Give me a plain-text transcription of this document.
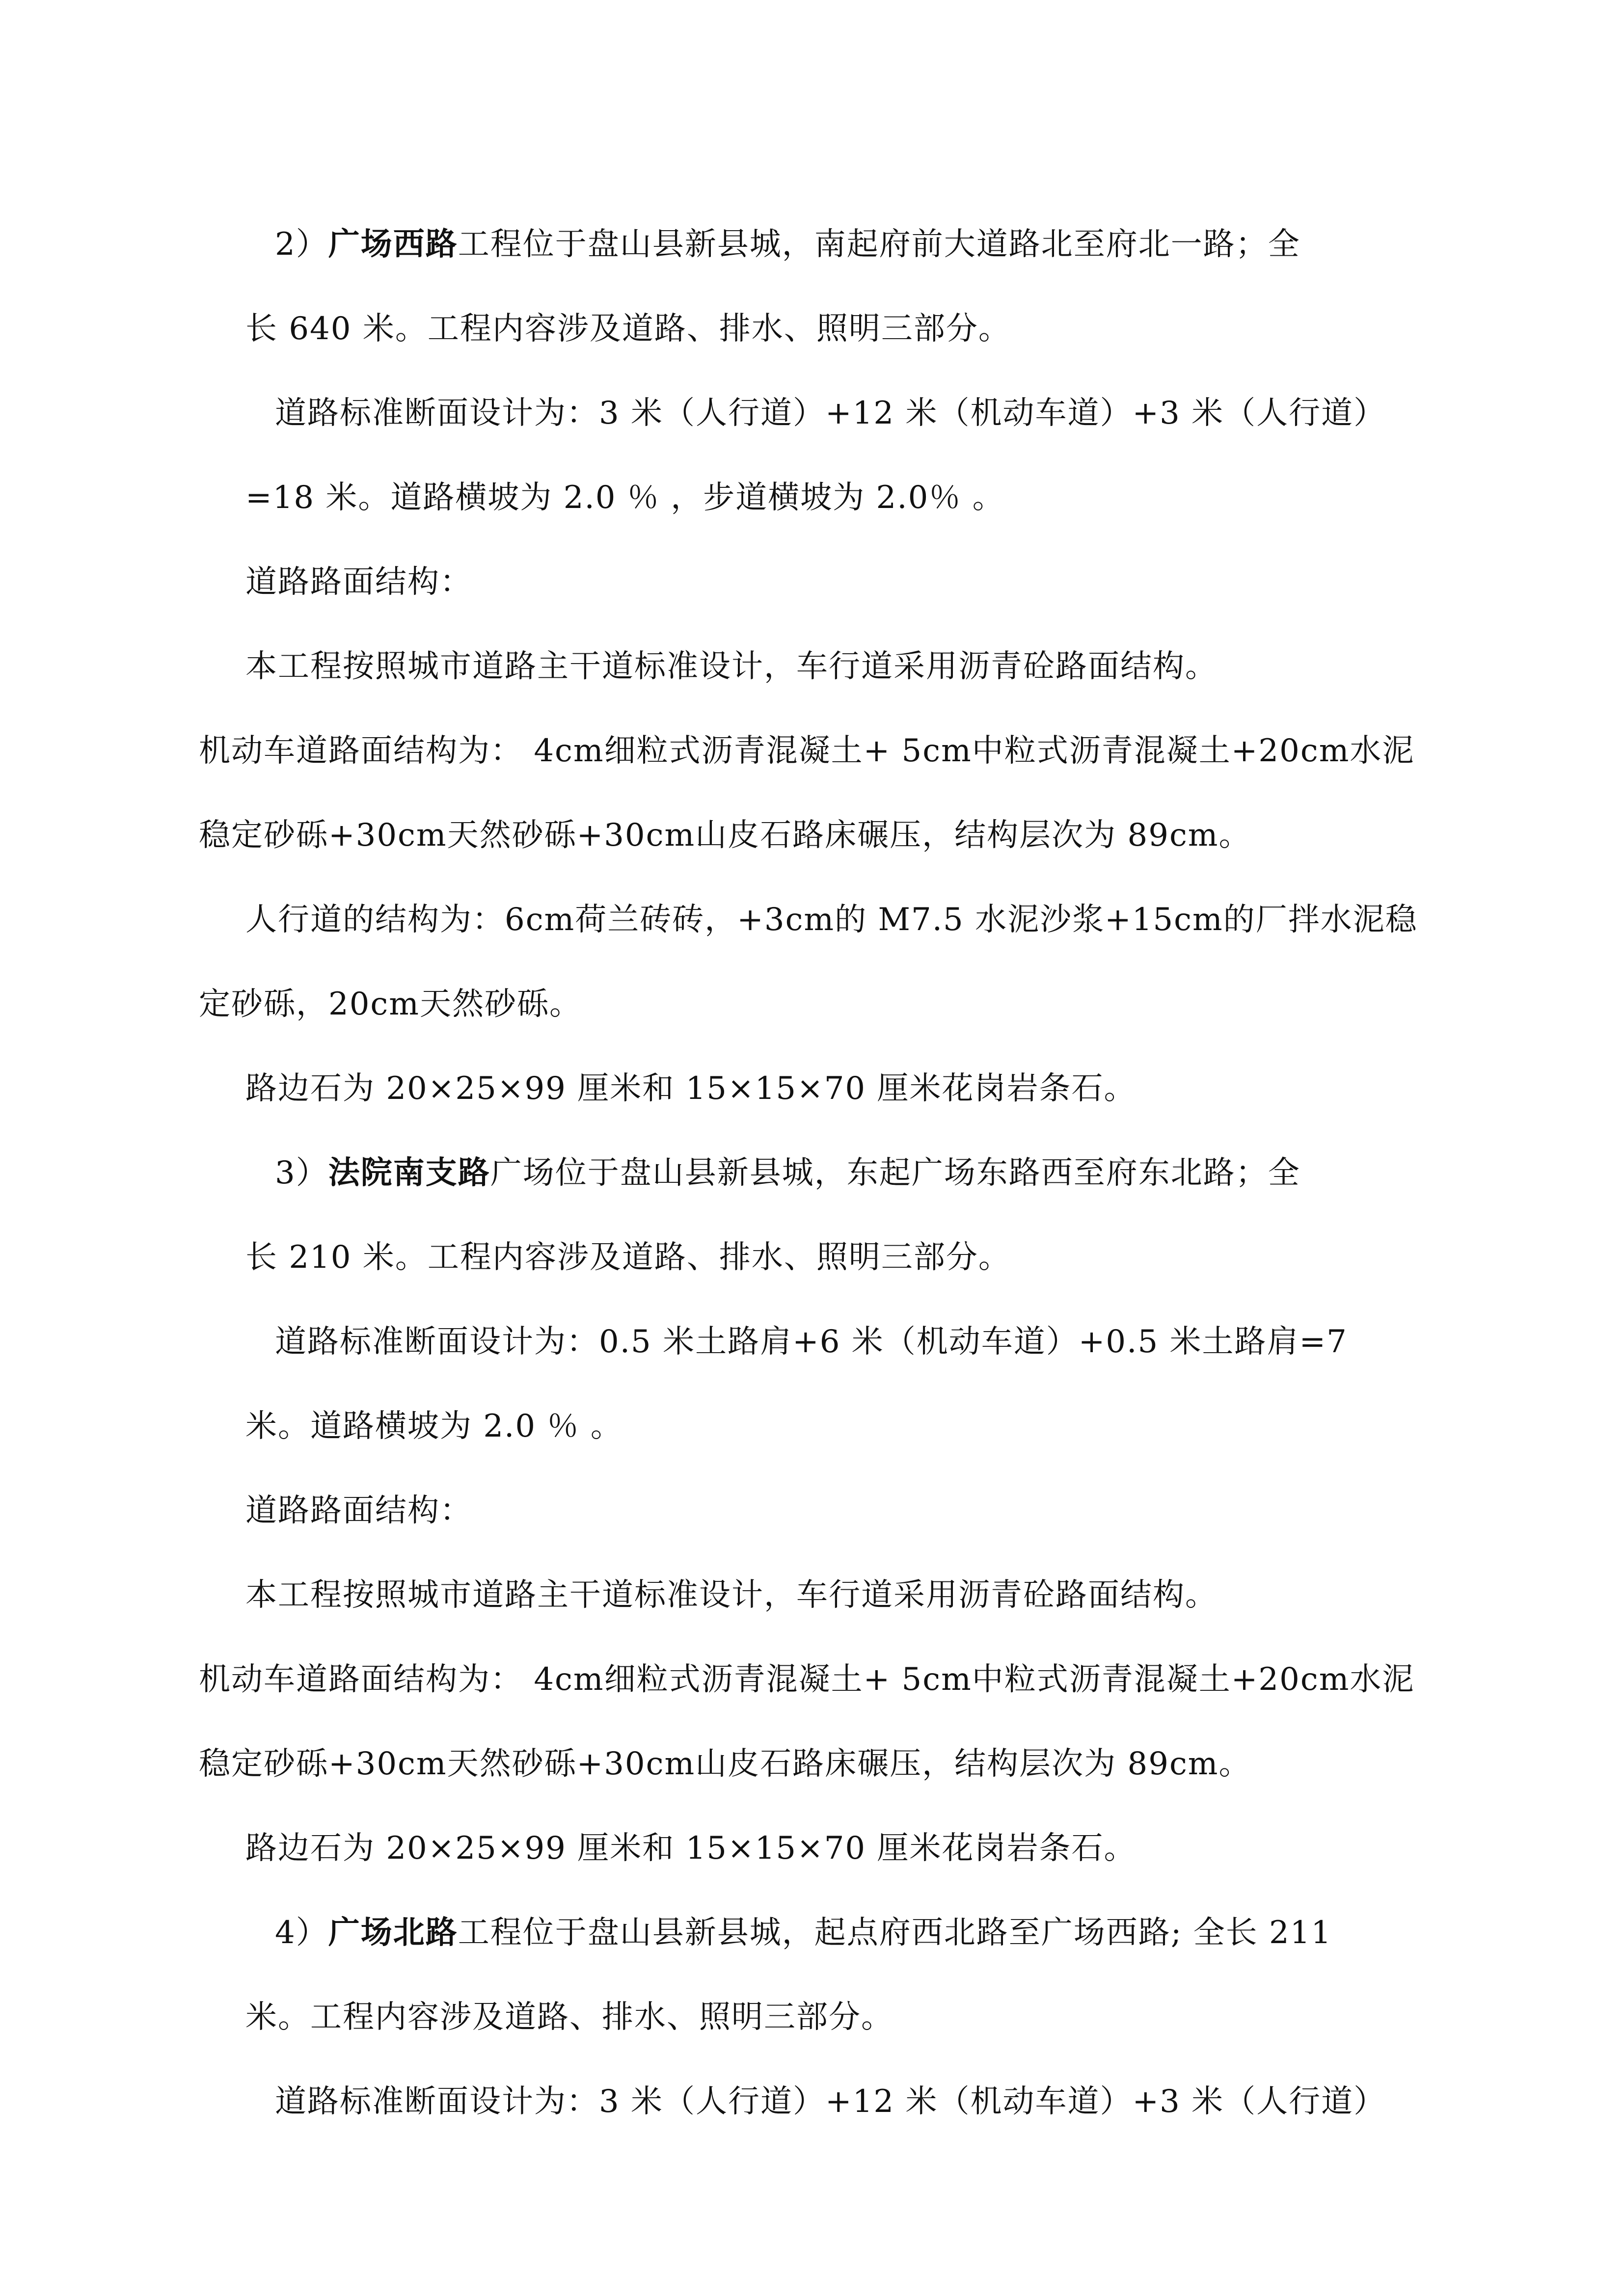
2）广场西路工程位于盘山县新县城，南起府前大道路北至府北一路；全
长 640 米。工程内容涉及道路、排水、照明三部分。
道路标准断面设计为：3 米（人行道）+12 米（机动车道）+3 米（人行道）
=18 米。道路横坡为 2.0 ％ ，步道横坡为 2.0％ 。
道路路面结构：
本工程按照城市道路主干道标准设计，车行道采用沥青砼路面结构。
机动车道路面结构为： 4cm细粒式沥青混凝土+ 5cm中粒式沥青混凝土+20cm水泥
稳定砂砾+30cm天然砂砾+30cm山皮石路床碾压，结构层次为 89cm。
人行道的结构为：6cm荷兰砖砖，+3cm的 M7.5 水泥沙浆+15cm的厂拌水泥稳
定砂砾，20cm天然砂砾。
路边石为 20×25×99 厘米和 15×15×70 厘米花岗岩条石。
3）法院南支路广场位于盘山县新县城，东起广场东路西至府东北路；全
长 210 米。工程内容涉及道路、排水、照明三部分。
道路标准断面设计为：0.5 米土路肩+6 米（机动车道）+0.5 米土路肩=7
米。道路横坡为 2.0 ％ 。
道路路面结构：
本工程按照城市道路主干道标准设计，车行道采用沥青砼路面结构。
机动车道路面结构为： 4cm细粒式沥青混凝土+ 5cm中粒式沥青混凝土+20cm水泥
稳定砂砾+30cm天然砂砾+30cm山皮石路床碾压，结构层次为 89cm。
路边石为 20×25×99 厘米和 15×15×70 厘米花岗岩条石。
4）广场北路工程位于盘山县新县城，起点府西北路至广场西路; 全长 211
米。工程内容涉及道路、排水、照明三部分。
道路标准断面设计为：3 米（人行道）+12 米（机动车道）+3 米（人行道）
